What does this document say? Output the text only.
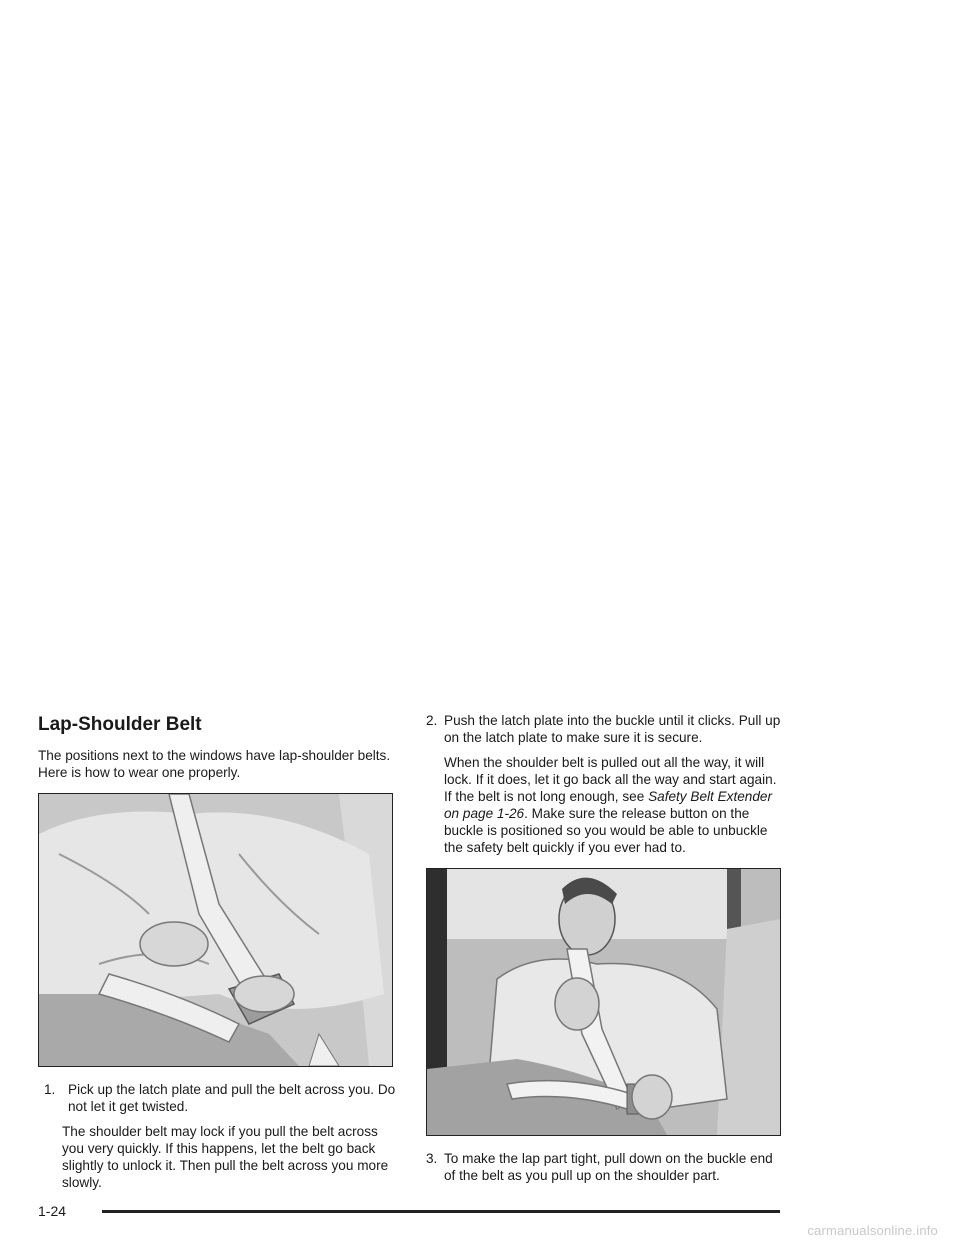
Lap-Shoulder Belt

The positions next to the windows have lap-shoulder belts. Here is how to wear one properly.

1. Pick up the latch plate and pull the belt across you. Do not let it get twisted.

The shoulder belt may lock if you pull the belt across you very quickly. If this happens, let the belt go back slightly to unlock it. Then pull the belt across you more slowly.

2. Push the latch plate into the buckle until it clicks. Pull up on the latch plate to make sure it is secure.

When the shoulder belt is pulled out all the way, it will lock. If it does, let it go back all the way and start again. If the belt is not long enough, see Safety Belt Extender on page 1-26. Make sure the release button on the buckle is positioned so you would be able to unbuckle the safety belt quickly if you ever had to.

3. To make the lap part tight, pull down on the buckle end of the belt as you pull up on the shoulder part.
1-24
carmanualsonline.info
